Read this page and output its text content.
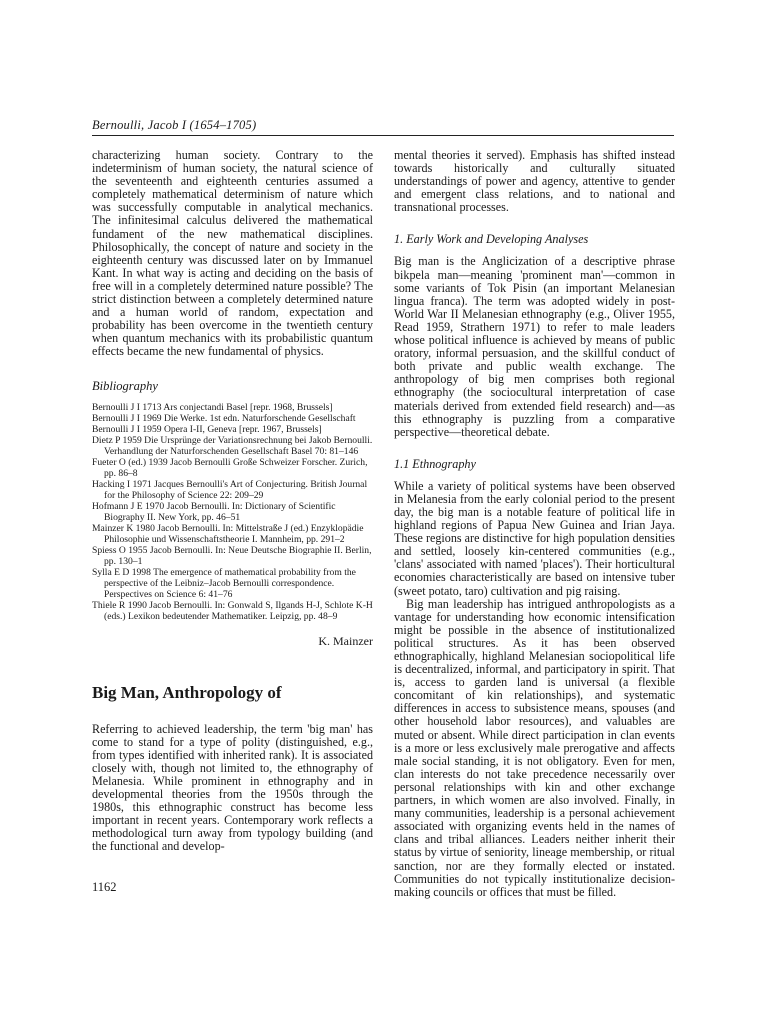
Bernoulli, Jacob I (1654–1705)

characterizing human society. Contrary to the indeterminism of human society, the natural science of the seventeenth and eighteenth centuries assumed a completely mathematical determinism of nature which was successfully computable in analytical mechanics. The infinitesimal calculus delivered the mathematical fundament of the new mathematical disciplines. Philosophically, the concept of nature and society in the eighteenth century was discussed later on by Immanuel Kant. In what way is acting and deciding on the basis of free will in a completely determined nature possible? The strict distinction between a completely determined nature and a human world of random, expectation and probability has been overcome in the twentieth century when quantum mechanics with its probabilistic quantum effects became the new fundamental of physics.

Bibliography

Bernoulli J I 1713 Ars conjectandi Basel [repr. 1968, Brussels]

Bernoulli J I 1969 Die Werke. 1st edn. Naturforschende Gesellschaft

Bernoulli J I 1959 Opera I-II, Geneva [repr. 1967, Brussels]

Dietz P 1959 Die Ursprünge der Variationsrechnung bei Jakob Bernoulli. Verhandlung der Naturforschenden Gesellschaft Basel 70: 81–146

Fueter O (ed.) 1939 Jacob Bernoulli Große Schweizer Forscher. Zurich, pp. 86–8

Hacking I 1971 Jacques Bernoulli's Art of Conjecturing. British Journal for the Philosophy of Science 22: 209–29

Hofmann J E 1970 Jacob Bernoulli. In: Dictionary of Scientific Biography II. New York, pp. 46–51

Mainzer K 1980 Jacob Bernoulli. In: Mittelstraße J (ed.) Enzyklopädie Philosophie und Wissenschaftstheorie I. Mannheim, pp. 291–2

Spiess O 1955 Jacob Bernoulli. In: Neue Deutsche Biographie II. Berlin, pp. 130–1

Sylla E D 1998 The emergence of mathematical probability from the perspective of the Leibniz–Jacob Bernoulli correspondence. Perspectives on Science 6: 41–76

Thiele R 1990 Jacob Bernoulli. In: Gonwald S, Ilgands H-J, Schlote K-H (eds.) Lexikon bedeutender Mathematiker. Leipzig, pp. 48–9

K. Mainzer
Big Man, Anthropology of

Referring to achieved leadership, the term 'big man' has come to stand for a type of polity (distinguished, e.g., from types identified with inherited rank). It is associated closely with, though not limited to, the ethnography of Melanesia. While prominent in ethnography and in developmental theories from the 1950s through the 1980s, this ethnographic construct has become less important in recent years. Contemporary work reflects a methodological turn away from typology building (and the functional and develop-

mental theories it served). Emphasis has shifted instead towards historically and culturally situated understandings of power and agency, attentive to gender and emergent class relations, and to national and transnational processes.

1. Early Work and Developing Analyses

Big man is the Anglicization of a descriptive phrase bikpela man—meaning 'prominent man'—common in some variants of Tok Pisin (an important Melanesian lingua franca). The term was adopted widely in post-World War II Melanesian ethnography (e.g., Oliver 1955, Read 1959, Strathern 1971) to refer to male leaders whose political influence is achieved by means of public oratory, informal persuasion, and the skillful conduct of both private and public wealth exchange. The anthropology of big men comprises both regional ethnography (the sociocultural interpretation of case materials derived from extended field research) and—as this ethnography is puzzling from a comparative perspective—theoretical debate.

1.1 Ethnography

While a variety of political systems have been observed in Melanesia from the early colonial period to the present day, the big man is a notable feature of political life in highland regions of Papua New Guinea and Irian Jaya. These regions are distinctive for high population densities and settled, loosely kin-centered communities (e.g., 'clans' associated with named 'places'). Their horticultural economies characteristically are based on intensive tuber (sweet potato, taro) cultivation and pig raising.

Big man leadership has intrigued anthropologists as a vantage for understanding how economic intensification might be possible in the absence of institutionalized political structures. As it has been observed ethnographically, highland Melanesian sociopolitical life is decentralized, informal, and participatory in spirit. That is, access to garden land is universal (a flexible concomitant of kin relationships), and systematic differences in access to subsistence means, spouses (and other household labor resources), and valuables are muted or absent. While direct participation in clan events is a more or less exclusively male prerogative and affects male social standing, it is not obligatory. Even for men, clan interests do not take precedence necessarily over personal relationships with kin and other exchange partners, in which women are also involved. Finally, in many communities, leadership is a personal achievement associated with organizing events held in the names of clans and tribal alliances. Leaders neither inherit their status by virtue of seniority, lineage membership, or ritual sanction, nor are they formally elected or instated. Communities do not typically institutionalize decision-making councils or offices that must be filled.

1162
